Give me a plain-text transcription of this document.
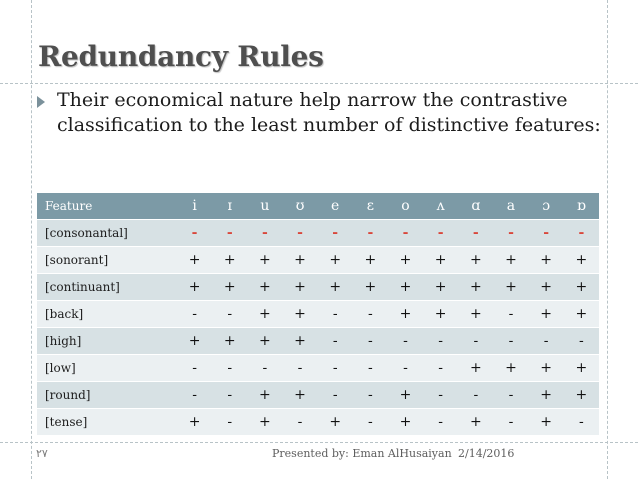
Redundancy Rules
Their economical nature help narrow the contrastive classification to the least number of distinctive features:
Feature	i	ɪ	u	ʊ	e	ɛ	o	ʌ	ɑ	a	ɔ	ɒ
[consonantal]	-	-	-	-	-	-	-	-	-	-	-	-
[sonorant]	+	+	+	+	+	+	+	+	+	+	+	+
[continuant]	+	+	+	+	+	+	+	+	+	+	+	+
[back]	-	-	+	+	-	-	+	+	+	-	+	+
[high]	+	+	+	+	-	-	-	-	-	-	-	-
[low]	-	-	-	-	-	-	-	-	+	+	+	+
[round]	-	-	+	+	-	-	+	-	-	-	+	+
[tense]	+	-	+	-	+	-	+	-	+	-	+	-
٢٧	Presented by: Eman AlHusaiyan 2/14/2016
